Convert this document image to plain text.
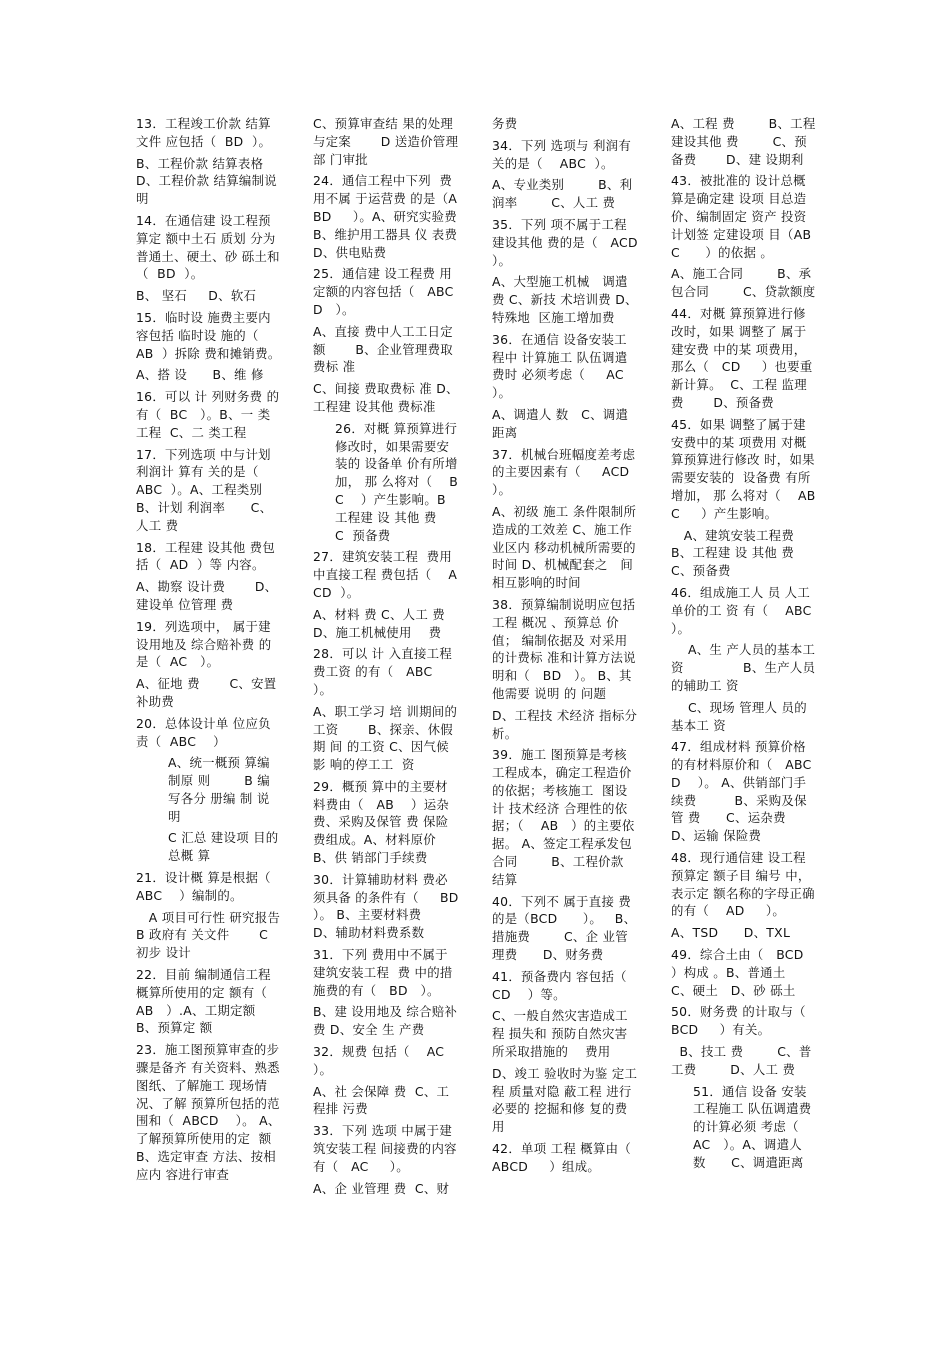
13．工程竣工价款 结算文件 应包括（  BD  ）。

B、工程价款 结算表格 D、工程价款 结算编制说明

14．在通信建 设工程预算定 额中土石 质划 分为普通土、硬土、砂 砾土和（  BD  ）。

B、 坚石     D、软石

15．临时设 施费主要内容包括 临时设 施的（    AB  ）拆除 费和摊销费。

A、搭 设      B、维 修

16．可以 计 列财务费 的有（  BC   ）。B、一 类工程  C、二 类工程

17．下列选项 中与计划利润计 算有 关的是（    ABC  ）。A、工程类别      B、计划 利润率      C、人工 费

18．工程建 设其他 费包括（  AD  ）等 内容。

A、勘察 设计费       D、建设单 位管理 费

19．列选项中， 属于建设用地及 综合赔补费 的是（  AC   ）。

A、征地 费       C、安置补助费

20．总体设计单 位应负责（  ABC    ）

A、统一概预 算编制原 则        B 编写各分 册编 制 说明

C 汇总 建设项 目的总概 算

21．设计概 算是根据（   ABC    ）编制的。

A 项目可行性 研究报告       B 政府有 关文件       C 初步 设计

22．目前 编制通信工程概算所使用的定 额有（   AB   ）.A、工期定额       B、预算定 额

23．施工图预算审查的步骤是备齐 有关资料、熟悉图纸、了解施工 现场情况、了解 预算所包括的范 围和（  ABCD    ）。 A、了解预算所使用的定  额 B、选定审查 方法、按相应内 容进行审查

C、预算审查结 果的处理与定案       D 送造价管理部 门审批

24．通信工程中下列  费用不属 于运营费 的是（ABD     ）。A、研究实验费         B、维护用工器具 仪 表费      D、供电贴费

25．通信建 设工程费 用定额的内容包括（   ABCD   ）。

A、直接 费中人工工日定额       B、企业管理费取费标 准

C、间接 费取费标 准 D、工程建 设其他 费标准

26．对概 算预算进行修改时，如果需要安装的 设备单 价有所增加， 那 么将对（    BC    ）产生影响。B 工程建 设 其他 费      C  预备费

27．建筑安装工程  费用中直接工程 费包括（    ACD  ）。

A、材料 费 C、人工 费 D、施工机械使用    费

28．可以 计 入直接工程费工资 的有（   ABC  ）。

A、职工学习 培 训期间的工资       B、探亲、休假期 间 的工资 C、因气候影 响的停工工  资

29．概预 算中的主要材料费由（   AB    ）运杂费、采购及保管 费 保险费组成。A、材料原价 B、供 销部门手续费

30．计算辅助材料 费必须具备 的条件有（     BD  ）。 B、主要材料费         D、辅助材料费系数

31．下列 费用中不属于建筑安装工程  费 中的措施费的有（   BD   ）。

B、建 设用地及 综合赔补费 D、安全 生 产费

32．规费 包括（    AC   ）。

A、社 会保障 费  C、工程排 污费

33．下列 选项 中属于建筑安装工程 间接费的内容有（   AC     ）。

A、企 业管理 费  C、财

务费

34．下列 选项与 利润有关的是（    ABC  ）。

A、专业类别        B、利润率        C、人工 费

35．下列 项不属于工程建设其他 费的是（   ACD   ）。

A、大型施工机械   调遣费 C、新技 术培训费 D、特殊地  区施工增加费

36．在通信 设备安装工程中 计算施工 队伍调遣费时 必须考虑（     AC    ）。

A、调遣人 数   C、调遣距离

37．机械台班幅度差考虑的主要因素有（     ACD   ）。

A、初级 施工 条件限制所造成的工效差 C、施工作 业区内 移动机械所需要的  时间 D、机械配套之   间相互影响的时间

38．预算编制说明应包括工程 概况 、预算总 价值； 编制依据及 对采用的计费标 准和计算方法说明和（   BD   ）。 B、其他需要 说明 的 问题

D、工程技 术经济 指标分析。

39．施工 图预算是考核工程成本，确定工程造价的依据；考核施工  图设计 技术经济 合理性的依据；（    AB   ）的主要依据。 A、签定工程承发包合同        B、工程价款 结算

40．下列不 属于直接 费的是（BCD      ）。   B、措施费        C、企 业管理费      D、财务费

41．预备费内 容包括（    CD    ）等。

C、一般自然灾害造成工程 损失和 预防自然灾害所采取措施的    费用

D、竣工 验收时为鉴 定工程 质量对隐 蔽工程 进行必要的 挖掘和修 复的费用

42．单项 工程 概算由（   ABCD     ）组成。

A、工程 费        B、工程建设其他 费        C、预备费       D、建 设期利

43．被批准的 设计总概算是确定建 设项 目总造价、编制固定 资产 投资计划签 定建设项 目（ABC      ）的依据 。

A、施工合同        B、承包合同        C、贷款额度

44．对概 算预算进行修改时，如果 调整了 属于建安费 中的某 项费用，那么（   CD     ）也要重新计算。  C、工程 监理费       D、预备费

45．如果 调整了属于建安费中的某 项费用 对概算预算进行修改 时，如果需要安装的  设备费 有所增加， 那 么将对（    ABC     ）产生影响。

A、建筑安装工程费        B、工程建 设 其他 费       C、预备费

46．组成施工人 员 人工单价的工 资 有（    ABC     ）。

A、生 产人员的基本工 资              B、生产人员的辅助工 资

C、现场 管理人 员的基本工 资

47．组成材料 预算价格的有材料原价和（   ABCD    ）。 A、供销部门手续费         B、采购及保管 费      C、运杂费     D、运输 保险费

48．现行通信建 设工程预算定 额子目 编号 中，表示定 额名称的字母正确的有（    AD     ）。

A、TSD      D、TXL

49．综合土由（   BCD    ）构成 。B、普通土         C、硬土   D、砂 砾土

50．财务费 的计取与（   BCD     ）有关。

B、技工 费        C、普工费        D、人工 费

51．通信 设备 安装工程施工 队伍调遣费的计算必须 考虑（    AC   ）。A、调遣人 数      C、调遣距离
